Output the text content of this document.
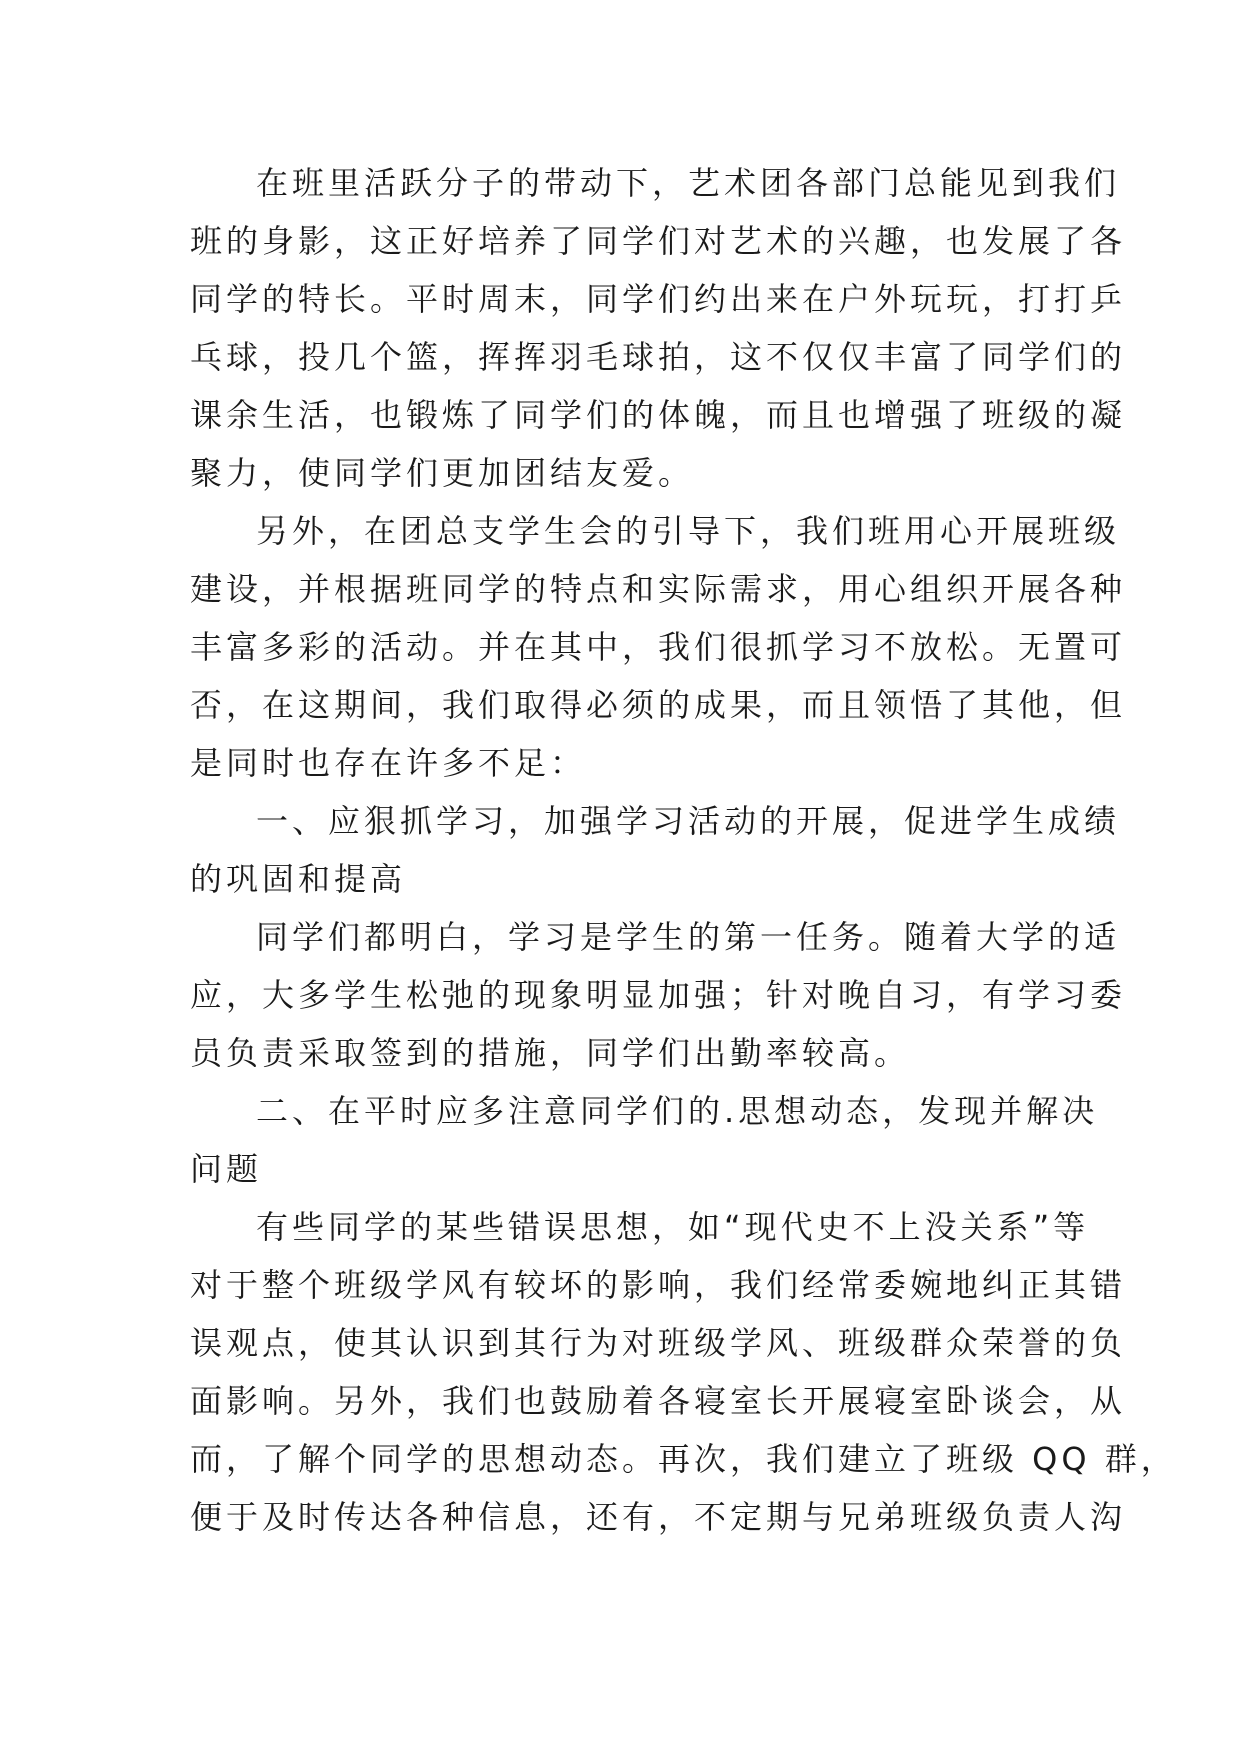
在班里活跃分子的带动下，艺术团各部门总能见到我们
班的身影，这正好培养了同学们对艺术的兴趣，也发展了各
同学的特长。平时周末，同学们约出来在户外玩玩，打打乒
乓球，投几个篮，挥挥羽毛球拍，这不仅仅丰富了同学们的
课余生活，也锻炼了同学们的体魄，而且也增强了班级的凝
聚力，使同学们更加团结友爱。
另外，在团总支学生会的引导下，我们班用心开展班级
建设，并根据班同学的特点和实际需求，用心组织开展各种
丰富多彩的活动。并在其中，我们很抓学习不放松。无置可
否，在这期间，我们取得必须的成果，而且领悟了其他，但
是同时也存在许多不足：
一、应狠抓学习，加强学习活动的开展，促进学生成绩
的巩固和提高
同学们都明白，学习是学生的第一任务。随着大学的适
应，大多学生松弛的现象明显加强；针对晚自习，有学习委
员负责采取签到的措施，同学们出勤率较高。
二、在平时应多注意同学们的.思想动态，发现并解决
问题
有些同学的某些错误思想，如“现代史不上没关系”等
对于整个班级学风有较坏的影响，我们经常委婉地纠正其错
误观点，使其认识到其行为对班级学风、班级群众荣誉的负
面影响。另外，我们也鼓励着各寝室长开展寝室卧谈会，从
而，了解个同学的思想动态。再次，我们建立了班级 QQ 群，
便于及时传达各种信息，还有，不定期与兄弟班级负责人沟
